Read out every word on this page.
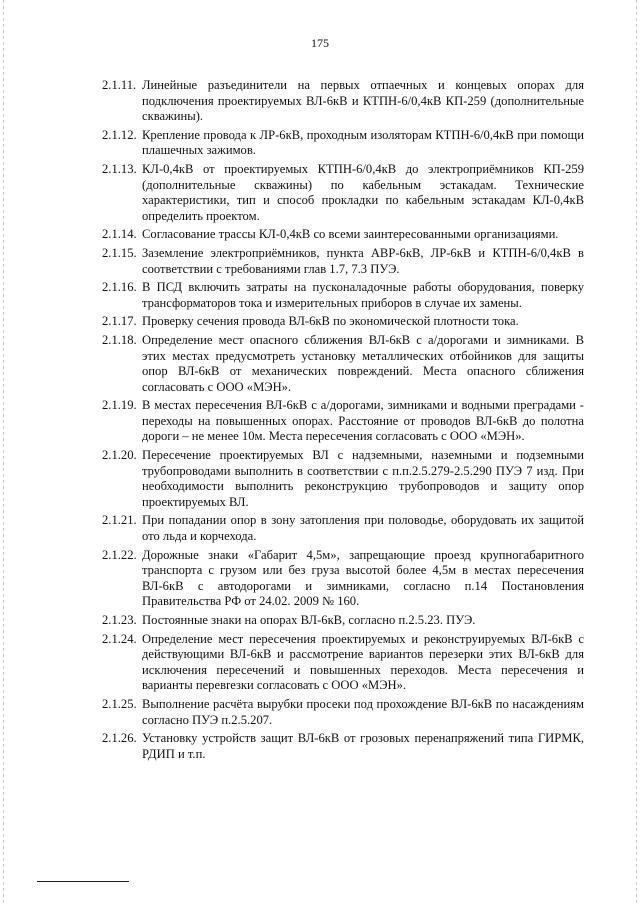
175
2.1.11. Линейные разъединители на первых отпаечных и концевых опорах для подключения проектируемых ВЛ-6кВ и КТПН-6/0,4кВ КП-259 (дополнительные скважины).
2.1.12. Крепление провода к ЛР-6кВ, проходным изоляторам КТПН-6/0,4кВ при помощи плашечных зажимов.
2.1.13. КЛ-0,4кВ от проектируемых КТПН-6/0,4кВ до электроприёмников КП-259 (дополнительные скважины) по кабельным эстакадам. Технические характеристики, тип и способ прокладки по кабельным эстакадам КЛ-0,4кВ определить проектом.
2.1.14. Согласование трассы КЛ-0,4кВ со всеми заинтересованными организациями.
2.1.15. Заземление электроприёмников, пункта АВР-6кВ, ЛР-6кВ и КТПН-6/0,4кВ в соответствии с требованиями глав 1.7, 7.3 ПУЭ.
2.1.16. В ПСД включить затраты на пусконаладочные работы оборудования, поверку трансформаторов тока и измерительных приборов в случае их замены.
2.1.17. Проверку сечения провода ВЛ-6кВ по экономической плотности тока.
2.1.18. Определение мест опасного сближения ВЛ-6кВ с а/дорогами и зимниками. В этих местах предусмотреть установку металлических отбойников для защиты опор ВЛ-6кВ от механических повреждений. Места опасного сближения согласовать с ООО «МЭН».
2.1.19. В местах пересечения ВЛ-6кВ с а/дорогами, зимниками и водными преградами - переходы на повышенных опорах. Расстояние от проводов ВЛ-6кВ до полотна дороги – не менее 10м. Места пересечения согласовать с ООО «МЭН».
2.1.20. Пересечение проектируемых ВЛ с надземными, наземными и подземными трубопроводами выполнить в соответствии с п.п.2.5.279-2.5.290 ПУЭ 7 изд. При необходимости выполнить реконструкцию трубопроводов и защиту опор проектируемых ВЛ.
2.1.21. При попадании опор в зону затопления при половодье, оборудовать их защитой ото льда и корчехода.
2.1.22. Дорожные знаки «Габарит 4,5м», запрещающие проезд крупногабаритного транспорта с грузом или без груза высотой более 4,5м в местах пересечения ВЛ-6кВ с автодорогами и зимниками, согласно п.14 Постановления Правительства РФ от 24.02. 2009 № 160.
2.1.23. Постоянные знаки на опорах ВЛ-6кВ, согласно п.2.5.23. ПУЭ.
2.1.24. Определение мест пересечения проектируемых и реконструируемых ВЛ-6кВ с действующими ВЛ-6кВ и рассмотрение вариантов перезерки этих ВЛ-6кВ для исключения пересечений и повышенных переходов. Места пересечения и варианты перевrезки согласовать с ООО «МЭН».
2.1.25. Выполнение расчёта вырубки просеки под прохождение ВЛ-6кВ по насаждениям согласно ПУЭ п.2.5.207.
2.1.26. Установку устройств защит ВЛ-6кВ от грозовых перенапряжений типа ГИРМК, РДИП и т.п.
